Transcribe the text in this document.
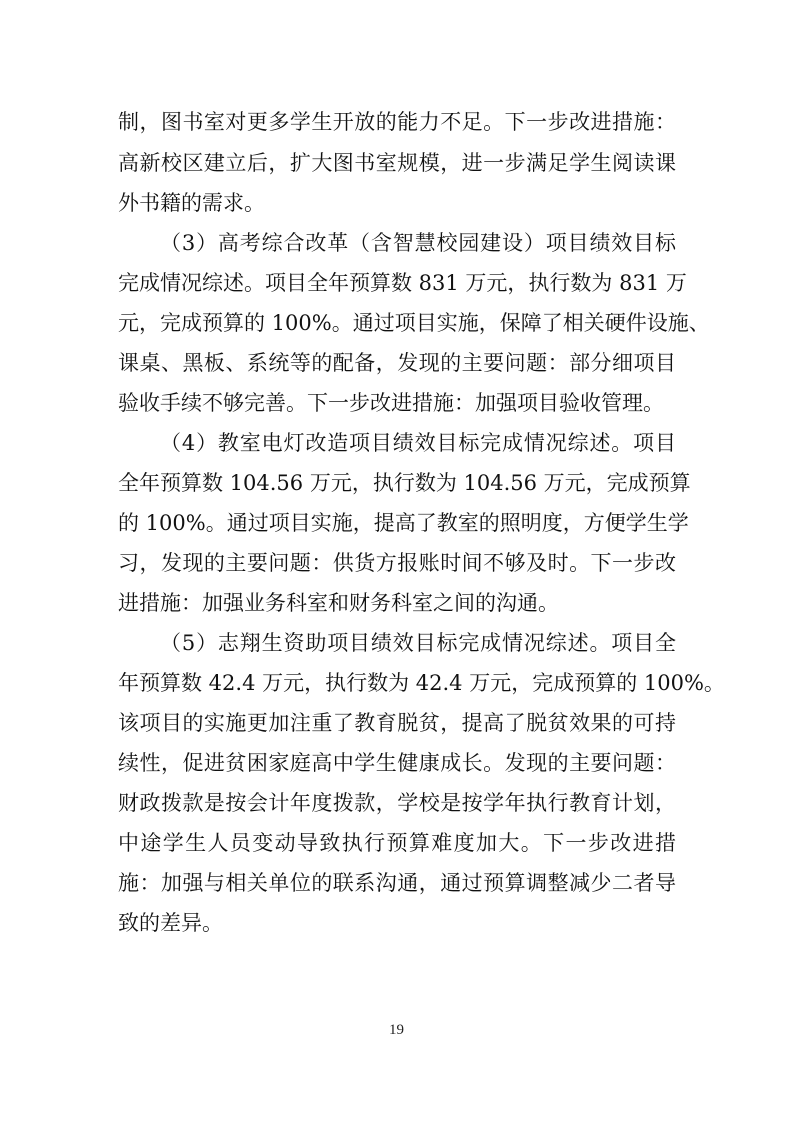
制，图书室对更多学生开放的能力不足。下一步改进措施：
高新校区建立后，扩大图书室规模，进一步满足学生阅读课
外书籍的需求。
（3）高考综合改革（含智慧校园建设）项目绩效目标
完成情况综述。项目全年预算数 831 万元，执行数为 831 万
元，完成预算的 100%。通过项目实施，保障了相关硬件设施、
课桌、黑板、系统等的配备，发现的主要问题：部分细项目
验收手续不够完善。下一步改进措施：加强项目验收管理。
（4）教室电灯改造项目绩效目标完成情况综述。项目
全年预算数 104.56 万元，执行数为 104.56 万元，完成预算
的 100%。通过项目实施，提高了教室的照明度，方便学生学
习，发现的主要问题：供货方报账时间不够及时。下一步改
进措施：加强业务科室和财务科室之间的沟通。
（5）志翔生资助项目绩效目标完成情况综述。项目全
年预算数 42.4 万元，执行数为 42.4 万元，完成预算的 100%。
该项目的实施更加注重了教育脱贫，提高了脱贫效果的可持
续性，促进贫困家庭高中学生健康成长。发现的主要问题：
财政拨款是按会计年度拨款，学校是按学年执行教育计划，
中途学生人员变动导致执行预算难度加大。下一步改进措
施：加强与相关单位的联系沟通，通过预算调整减少二者导
致的差异。
19
